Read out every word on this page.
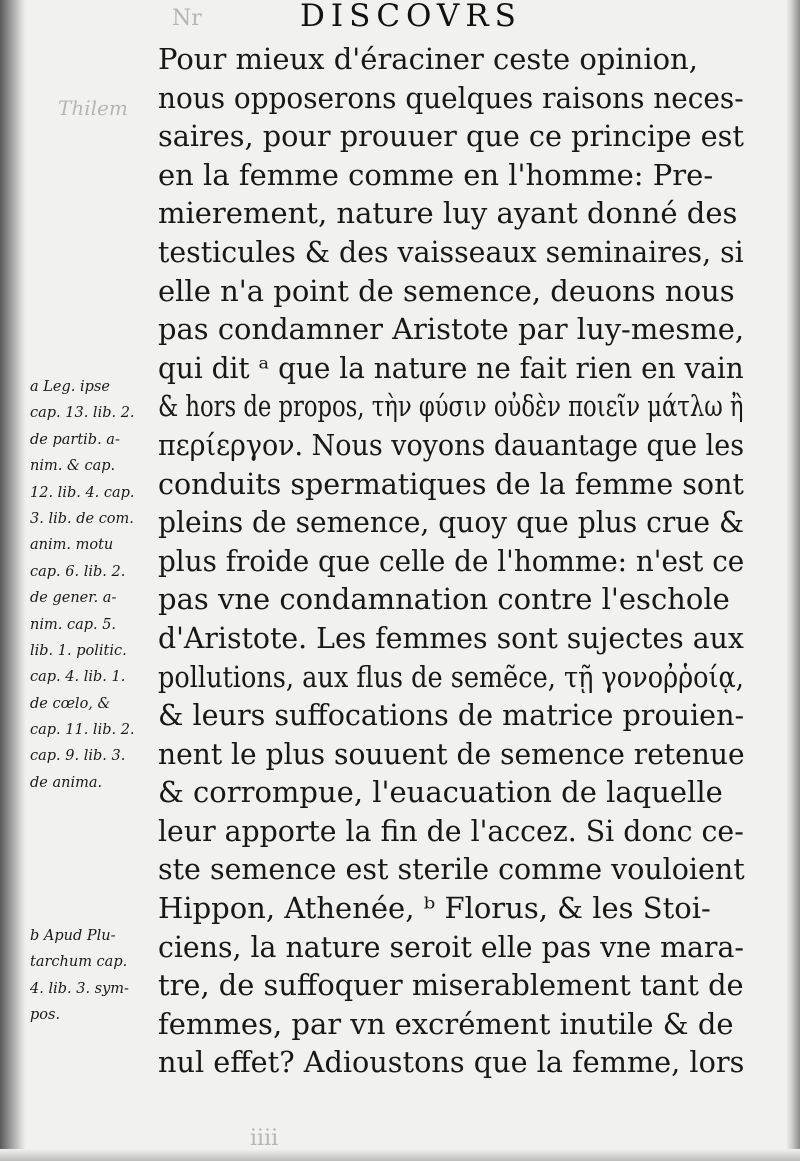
Nr
Thilem
iiii
DISCOVRS
Pour mieux d'éraciner ceste opinion,
nous opposerons quelques raisons neces-
saires, pour prouuer que ce principe est
en la femme comme en l'homme: Pre-
mierement, nature luy ayant donné des
testicules & des vaisseaux seminaires, si
elle n'a point de semence, deuons nous
pas condamner Aristote par luy-mesme,
qui dit ᵃ que la nature ne fait rien en vain
& hors de propos, τὴν φύσιν οὐδὲν ποιεῖν μάτλω ἢ
περίεργον. Nous voyons dauantage que les
conduits spermatiques de la femme sont
pleins de semence, quoy que plus crue &
plus froide que celle de l'homme: n'est ce
pas vne condamnation contre l'eschole
d'Aristote. Les femmes sont sujectes aux
pollutions, aux flus de semẽce, τῇ γονοῤῥοίᾳ,
& leurs suffocations de matrice prouien-
nent le plus souuent de semence retenue
& corrompue, l'euacuation de laquelle
leur apporte la fin de l'accez. Si donc ce-
ste semence est sterile comme vouloient
Hippon, Athenée, ᵇ Florus, & les Stoi-
ciens, la nature seroit elle pas vne mara-
tre, de suffoquer miserablement tant de
femmes, par vn excrément inutile & de
nul effet? Adioustons que la femme, lors
a Leg. ipse
cap. 13. lib. 2.
de partib. a-
nim. & cap.
12. lib. 4. cap.
3. lib. de com.
anim. motu
cap. 6. lib. 2.
de gener. a-
nim. cap. 5.
lib. 1. politic.
cap. 4. lib. 1.
de cœlo, &
cap. 11. lib. 2.
cap. 9. lib. 3.
de anima.
b Apud Plu-
tarchum cap.
4. lib. 3. sym-
pos.
